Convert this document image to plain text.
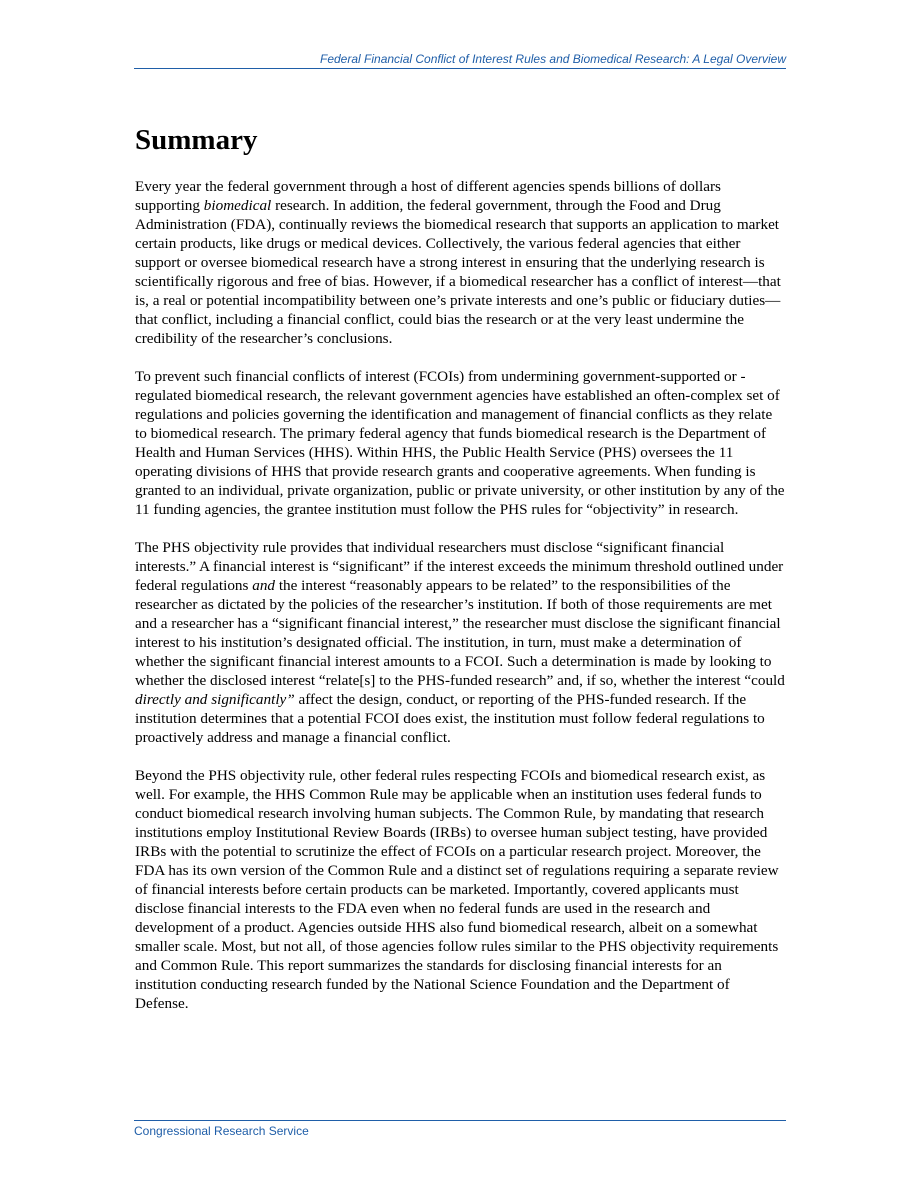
Federal Financial Conflict of Interest Rules and Biomedical Research: A Legal Overview
Summary

Every year the federal government through a host of different agencies spends billions of dollars supporting biomedical research. In addition, the federal government, through the Food and Drug Administration (FDA), continually reviews the biomedical research that supports an application to market certain products, like drugs or medical devices. Collectively, the various federal agencies that either support or oversee biomedical research have a strong interest in ensuring that the underlying research is scientifically rigorous and free of bias. However, if a biomedical researcher has a conflict of interest—that is, a real or potential incompatibility between one’s private interests and one’s public or fiduciary duties—that conflict, including a financial conflict, could bias the research or at the very least undermine the credibility of the researcher’s conclusions.

To prevent such financial conflicts of interest (FCOIs) from undermining government-supported or -regulated biomedical research, the relevant government agencies have established an often-complex set of regulations and policies governing the identification and management of financial conflicts as they relate to biomedical research. The primary federal agency that funds biomedical research is the Department of Health and Human Services (HHS). Within HHS, the Public Health Service (PHS) oversees the 11 operating divisions of HHS that provide research grants and cooperative agreements. When funding is granted to an individual, private organization, public or private university, or other institution by any of the 11 funding agencies, the grantee institution must follow the PHS rules for “objectivity” in research.

The PHS objectivity rule provides that individual researchers must disclose “significant financial interests.” A financial interest is “significant” if the interest exceeds the minimum threshold outlined under federal regulations and the interest “reasonably appears to be related” to the responsibilities of the researcher as dictated by the policies of the researcher’s institution. If both of those requirements are met and a researcher has a “significant financial interest,” the researcher must disclose the significant financial interest to his institution’s designated official. The institution, in turn, must make a determination of whether the significant financial interest amounts to a FCOI. Such a determination is made by looking to whether the disclosed interest “relate[s] to the PHS-funded research” and, if so, whether the interest “could directly and significantly” affect the design, conduct, or reporting of the PHS-funded research. If the institution determines that a potential FCOI does exist, the institution must follow federal regulations to proactively address and manage a financial conflict.

Beyond the PHS objectivity rule, other federal rules respecting FCOIs and biomedical research exist, as well. For example, the HHS Common Rule may be applicable when an institution uses federal funds to conduct biomedical research involving human subjects. The Common Rule, by mandating that research institutions employ Institutional Review Boards (IRBs) to oversee human subject testing, have provided IRBs with the potential to scrutinize the effect of FCOIs on a particular research project. Moreover, the FDA has its own version of the Common Rule and a distinct set of regulations requiring a separate review of financial interests before certain products can be marketed. Importantly, covered applicants must disclose financial interests to the FDA even when no federal funds are used in the research and development of a product. Agencies outside HHS also fund biomedical research, albeit on a somewhat smaller scale. Most, but not all, of those agencies follow rules similar to the PHS objectivity requirements and Common Rule. This report summarizes the standards for disclosing financial interests for an institution conducting research funded by the National Science Foundation and the Department of Defense.

Congressional Research Service
